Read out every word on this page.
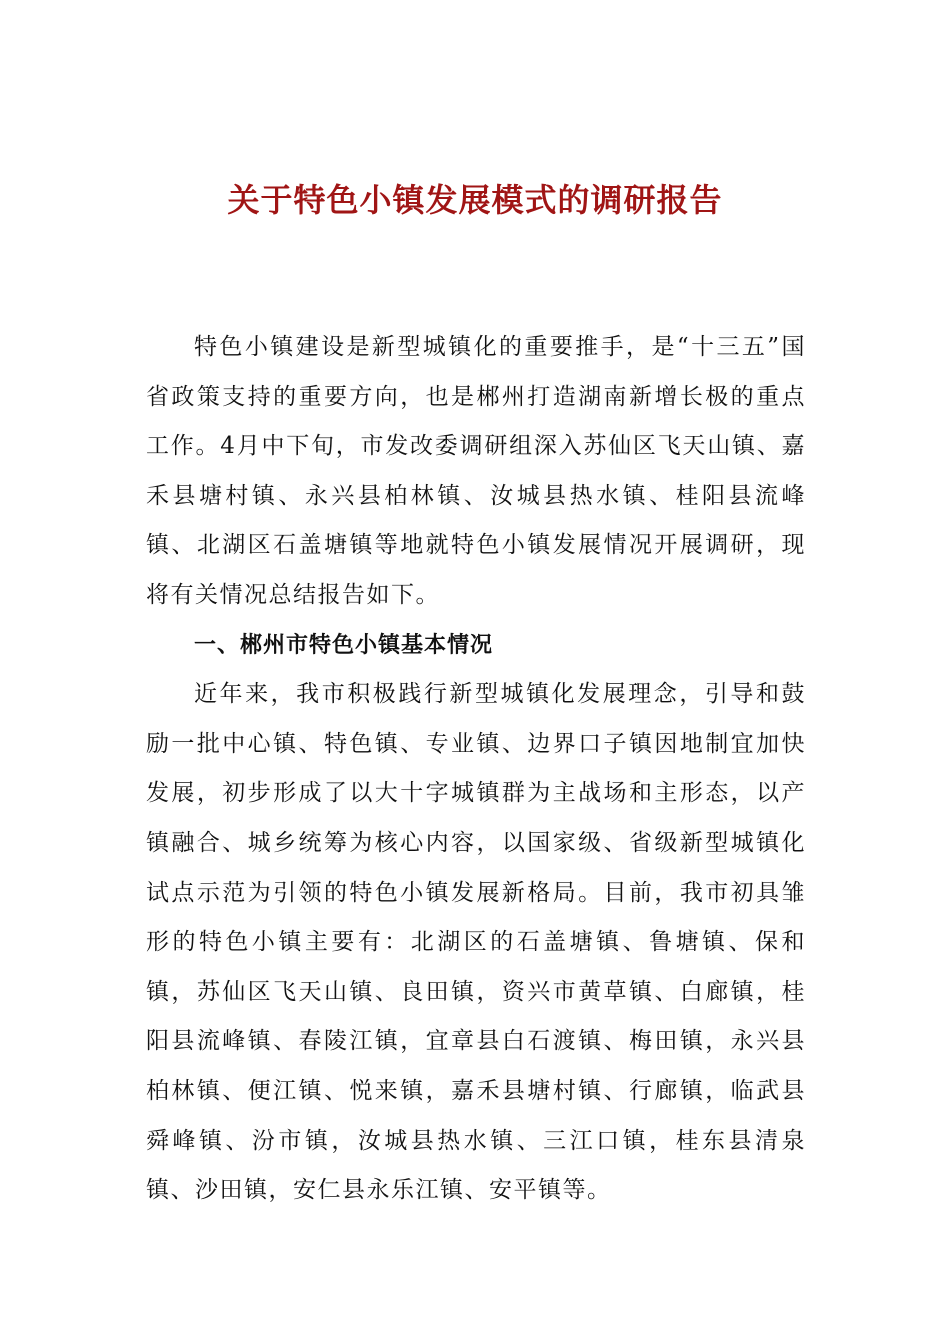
关于特色小镇发展模式的调研报告

特色小镇建设是新型城镇化的重要推手，是“十三五”国省政策支持的重要方向，也是郴州打造湖南新增长极的重点工作。4月中下旬，市发改委调研组深入苏仙区飞天山镇、嘉禾县塘村镇、永兴县柏林镇、汝城县热水镇、桂阳县流峰镇、北湖区石盖塘镇等地就特色小镇发展情况开展调研，现将有关情况总结报告如下。

一、郴州市特色小镇基本情况

近年来，我市积极践行新型城镇化发展理念，引导和鼓励一批中心镇、特色镇、专业镇、边界口子镇因地制宜加快发展，初步形成了以大十字城镇群为主战场和主形态，以产镇融合、城乡统筹为核心内容，以国家级、省级新型城镇化试点示范为引领的特色小镇发展新格局。目前，我市初具雏形的特色小镇主要有：北湖区的石盖塘镇、鲁塘镇、保和镇，苏仙区飞天山镇、良田镇，资兴市黄草镇、白廊镇，桂阳县流峰镇、春陵江镇，宜章县白石渡镇、梅田镇，永兴县柏林镇、便江镇、悦来镇，嘉禾县塘村镇、行廊镇，临武县舜峰镇、汾市镇，汝城县热水镇、三江口镇，桂东县清泉镇、沙田镇，安仁县永乐江镇、安平镇等。
